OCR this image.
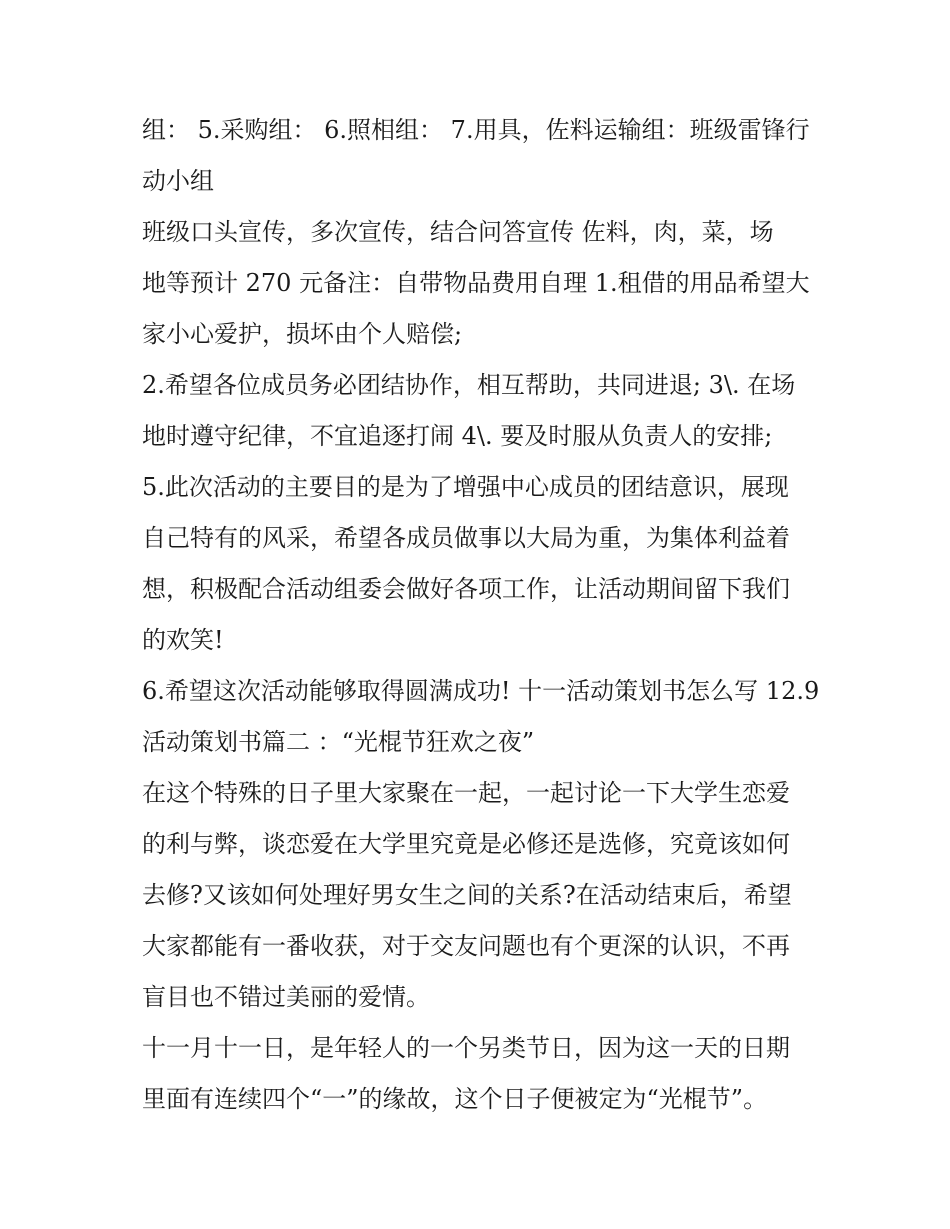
组： 5.采购组： 6.照相组： 7.用具，佐料运输组：班级雷锋行
动小组

班级口头宣传，多次宣传，结合问答宣传 佐料，肉，菜，场
地等预计 270 元备注：自带物品费用自理 1.租借的用品希望大
家小心爱护，损坏由个人赔偿;

2.希望各位成员务必团结协作，相互帮助，共同进退; 3\. 在场
地时遵守纪律，不宜追逐打闹 4\. 要及时服从负责人的安排;

5.此次活动的主要目的是为了增强中心成员的团结意识，展现
自己特有的风采，希望各成员做事以大局为重，为集体利益着
想，积极配合活动组委会做好各项工作，让活动期间留下我们
的欢笑!

6.希望这次活动能够取得圆满成功! 十一活动策划书怎么写 12.9
活动策划书篇二 ：“光棍节狂欢之夜”

在这个特殊的日子里大家聚在一起，一起讨论一下大学生恋爱
的利与弊，谈恋爱在大学里究竟是必修还是选修，究竟该如何
去修?又该如何处理好男女生之间的关系?在活动结束后，希望
大家都能有一番收获，对于交友问题也有个更深的认识，不再
盲目也不错过美丽的爱情。

十一月十一日，是年轻人的一个另类节日，因为这一天的日期
里面有连续四个“一”的缘故，这个日子便被定为“光棍节”。
